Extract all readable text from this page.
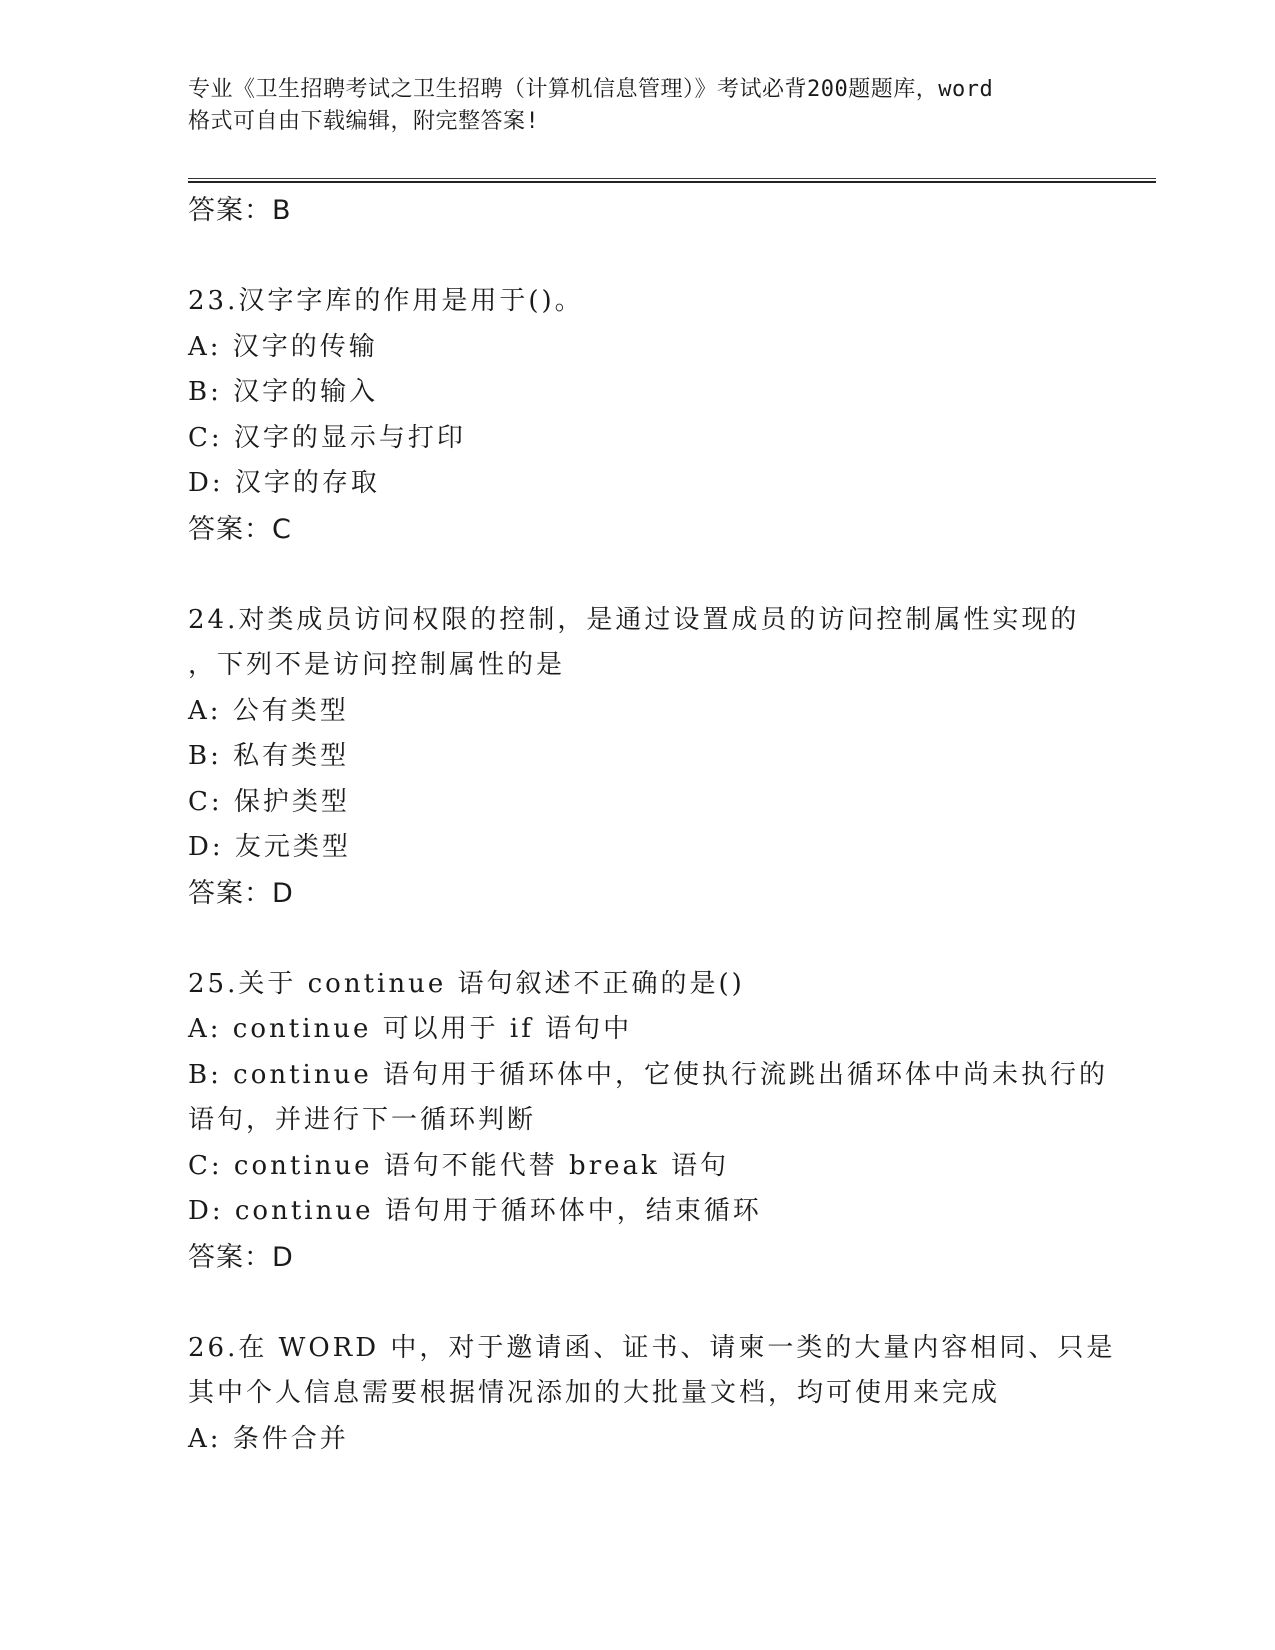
专业《卫生招聘考试之卫生招聘（计算机信息管理）》考试必背200题题库，word
格式可自由下载编辑，附完整答案!
答案：B
23.汉字字库的作用是用于()。
A: 汉字的传输
B: 汉字的输入
C: 汉字的显示与打印
D: 汉字的存取
答案：C
24.对类成员访问权限的控制，是通过设置成员的访问控制属性实现的
，下列不是访问控制属性的是
A: 公有类型
B: 私有类型
C: 保护类型
D: 友元类型
答案：D
25.关于 continue 语句叙述不正确的是()
A: continue 可以用于 if 语句中
B: continue 语句用于循环体中，它使执行流跳出循环体中尚未执行的
语句，并进行下一循环判断
C: continue 语句不能代替 break 语句
D: continue 语句用于循环体中，结束循环
答案：D
26.在 WORD 中，对于邀请函、证书、请柬一类的大量内容相同、只是
其中个人信息需要根据情况添加的大批量文档，均可使用来完成
A: 条件合并
